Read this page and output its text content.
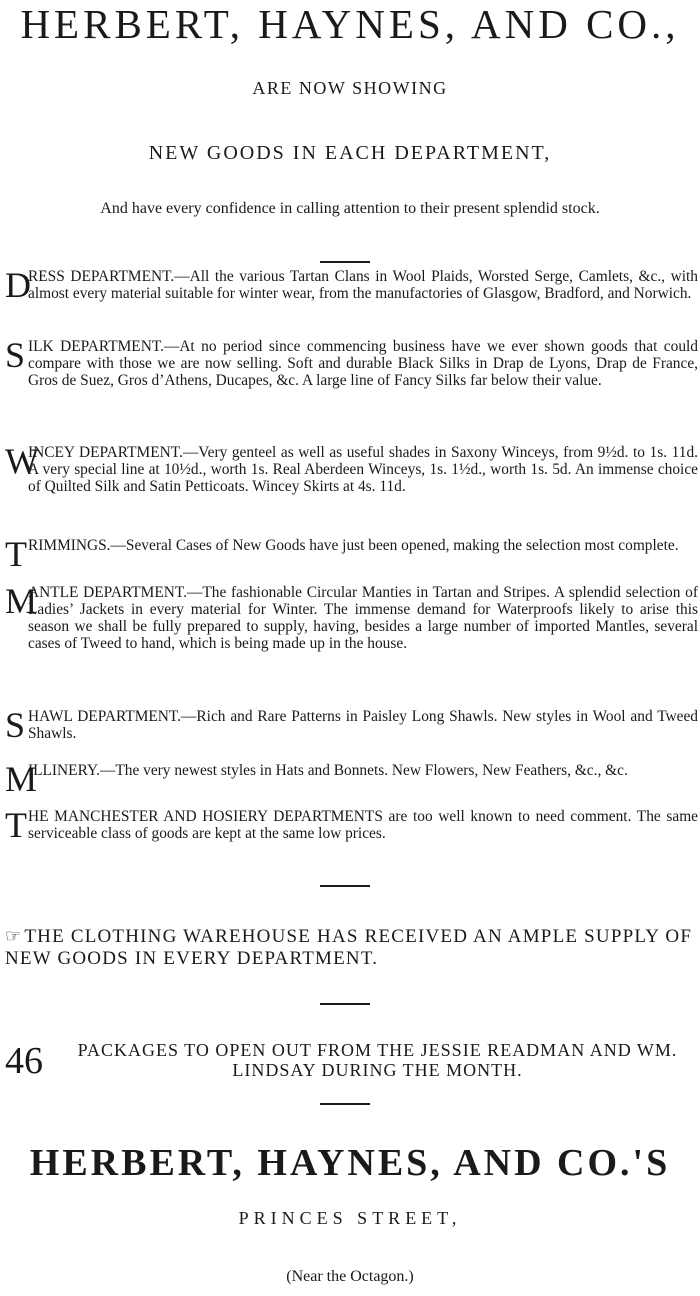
HERBERT, HAYNES, AND CO.,
ARE NOW SHOWING
NEW GOODS IN EACH DEPARTMENT,
And have every confidence in calling attention to their present splendid stock.
D
RESS DEPARTMENT.—All the various Tartan Clans in Wool Plaids, Worsted Serge, Camlets, &c., with almost every material suitable for winter wear, from the manufactories of Glasgow, Bradford, and Norwich.
S ILK DEPARTMENT.—At no period since commencing business have we ever shown goods that could compare with those we are now selling. Soft and durable Black Silks in Drap de Lyons, Drap de France, Gros de Suez, Gros d’Athens, Ducapes, &c. A large line of Fancy Silks far below their value.
W
INCEY DEPARTMENT.—Very genteel as well as useful shades in Saxony Winceys, from 9½d. to 1s. 11d. A very special line at 10½d., worth 1s. Real Aberdeen Winceys, 1s. 1½d., worth 1s. 5d. An immense choice of Quilted Silk and Satin Petticoats. Wincey Skirts at 4s. 11d.
T RIMMINGS.—Several Cases of New Goods have just been opened, making the selection most complete.
M
ANTLE DEPARTMENT.—The fashionable Circular Manties in Tartan and Stripes. A splendid selection of Ladies’ Jackets in every material for Winter. The immense demand for Waterproofs likely to arise this season we shall be fully prepared to supply, having, besides a large number of imported Mantles, several cases of Tweed to hand, which is being made up in the house.
S HAWL DEPARTMENT.—Rich and Rare Patterns in Paisley Long Shawls. New styles in Wool and Tweed Shawls.
M
ILLINERY.—The very newest styles in Hats and Bonnets. New Flowers, New Feathers, &c., &c.
T HE MANCHESTER AND HOSIERY DEPARTMENTS are too well known to need comment. The same serviceable class of goods are kept at the same low prices.
☞ THE CLOTHING WAREHOUSE HAS RECEIVED AN AMPLE SUPPLY OF NEW GOODS IN EVERY DEPARTMENT.
46	PACKAGES TO OPEN OUT FROM THE JESSIE READMAN AND WM. LINDSAY DURING THE MONTH.
HERBERT, HAYNES, AND CO.'S
PRINCES STREET,
(Near the Octagon.)
